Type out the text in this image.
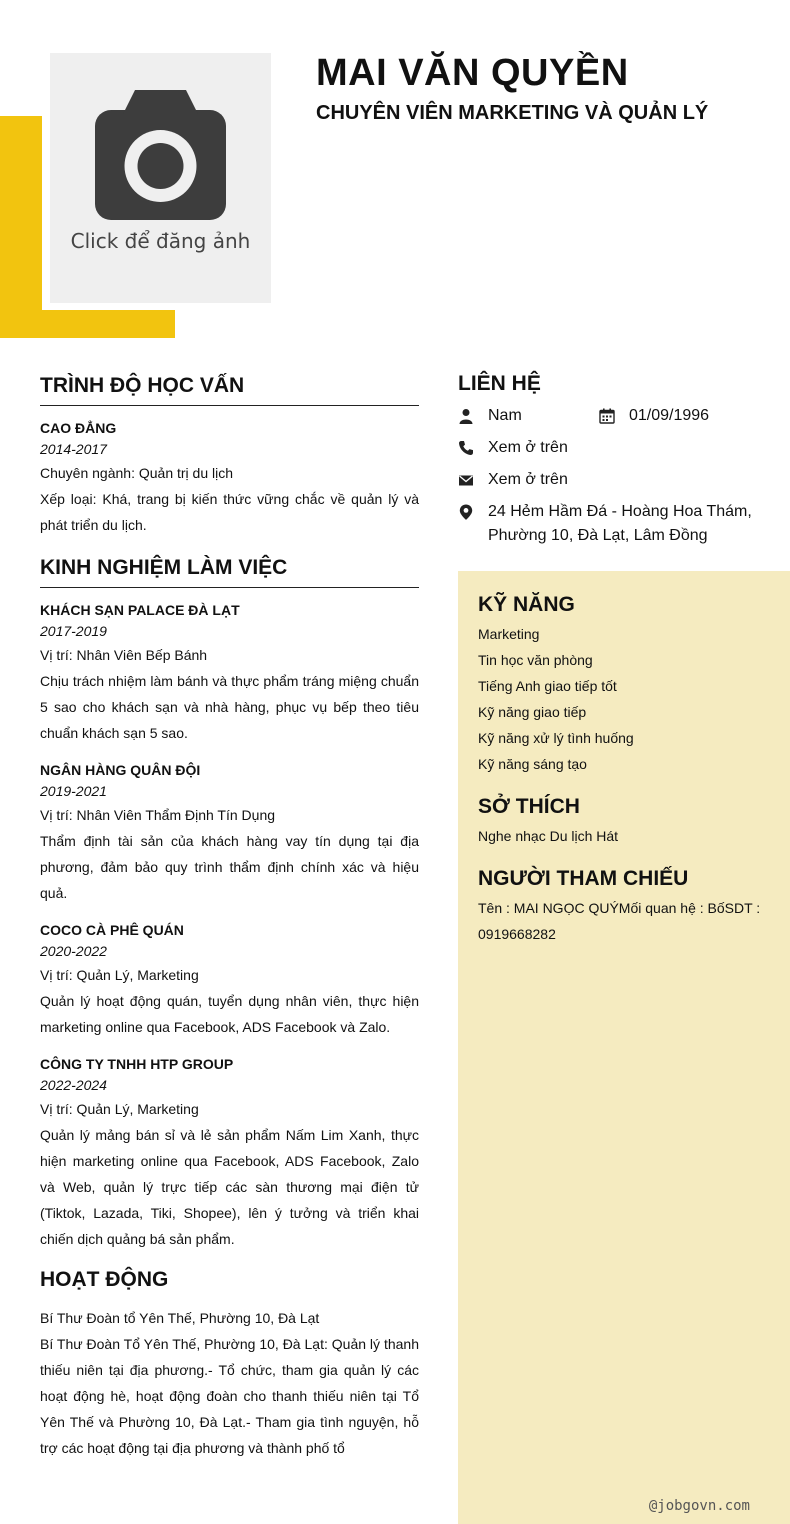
Click để đăng ảnh
MAI VĂN QUYỀN
CHUYÊN VIÊN MARKETING VÀ QUẢN LÝ
TRÌNH ĐỘ HỌC VẤN
CAO ĐẲNG
2014-2017
Chuyên ngành: Quản trị du lịch
Xếp loại: Khá, trang bị kiến thức vững chắc về quản lý và phát triển du lịch.
KINH NGHIỆM LÀM VIỆC
KHÁCH SẠN PALACE ĐÀ LẠT
2017-2019
Vị trí: Nhân Viên Bếp Bánh
Chịu trách nhiệm làm bánh và thực phẩm tráng miệng chuẩn 5 sao cho khách sạn và nhà hàng, phục vụ bếp theo tiêu chuẩn khách sạn 5 sao.
NGÂN HÀNG QUÂN ĐỘI
2019-2021
Vị trí: Nhân Viên Thẩm Định Tín Dụng
Thẩm định tài sản của khách hàng vay tín dụng tại địa phương, đảm bảo quy trình thẩm định chính xác và hiệu quả.
COCO CÀ PHÊ QUÁN
2020-2022
Vị trí: Quản Lý, Marketing
Quản lý hoạt động quán, tuyển dụng nhân viên, thực hiện marketing online qua Facebook, ADS Facebook và Zalo.
CÔNG TY TNHH HTP GROUP
2022-2024
Vị trí: Quản Lý, Marketing
Quản lý mảng bán sỉ và lẻ sản phẩm Nấm Lim Xanh, thực hiện marketing online qua Facebook, ADS Facebook, Zalo và Web, quản lý trực tiếp các sàn thương mại điện tử (Tiktok, Lazada, Tiki, Shopee), lên ý tưởng và triển khai chiến dịch quảng bá sản phẩm.
HOẠT ĐỘNG
Bí Thư Đoàn tổ Yên Thế, Phường 10, Đà Lạt
Bí Thư Đoàn Tổ Yên Thế, Phường 10, Đà Lạt: Quản lý thanh thiếu niên tại địa phương.- Tổ chức, tham gia quản lý các hoạt động hè, hoạt động đoàn cho thanh thiếu niên tại Tổ Yên Thế và Phường 10, Đà Lạt.- Tham gia tình nguyện, hỗ trợ các hoạt động tại địa phương và thành phố tổ
LIÊN HỆ
Nam	01/09/1996
Xem ở trên
Xem ở trên
24 Hẻm Hầm Đá - Hoàng Hoa Thám, Phường 10, Đà Lạt, Lâm Đồng
KỸ NĂNG
Marketing
Tin học văn phòng
Tiếng Anh giao tiếp tốt
Kỹ năng giao tiếp
Kỹ năng xử lý tình huống
Kỹ năng sáng tạo
SỞ THÍCH
Nghe nhạc Du lịch Hát
NGƯỜI THAM CHIẾU
Tên : MAI NGỌC QUÝMối quan hệ : BốSDT : 0919668282
@jobgovn.com
